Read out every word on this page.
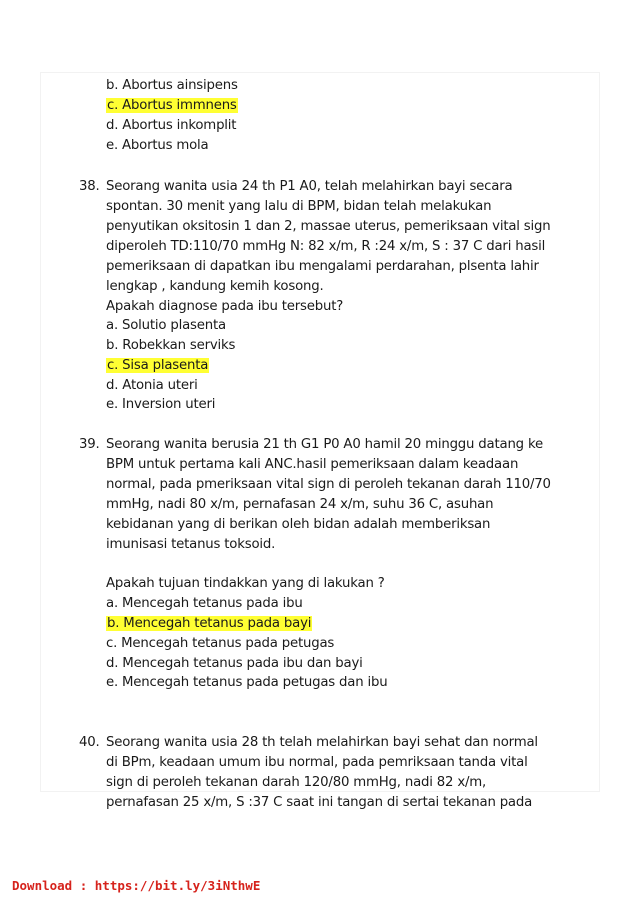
b. Abortus ainsipens
c. Abortus immnens
d. Abortus inkomplit
e. Abortus mola
38. Seorang wanita usia 24 th P1 A0, telah melahirkan bayi secara
spontan. 30 menit yang lalu di BPM, bidan telah melakukan
penyutikan oksitosin 1 dan 2, massae uterus, pemeriksaan vital sign
diperoleh TD:110/70 mmHg N: 82 x/m, R :24 x/m, S : 37 C dari hasil
pemeriksaan di dapatkan ibu mengalami perdarahan, plsenta lahir
lengkap , kandung kemih kosong.
Apakah diagnose pada ibu tersebut?
a. Solutio plasenta
b. Robekkan serviks
c. Sisa plasenta
d. Atonia uteri
e. Inversion uteri
39. Seorang wanita berusia 21 th G1 P0 A0 hamil 20 minggu datang ke
BPM untuk pertama kali ANC.hasil pemeriksaan dalam keadaan
normal, pada pmeriksaan vital sign di peroleh tekanan darah 110/70
mmHg, nadi 80 x/m, pernafasan 24 x/m, suhu 36 C, asuhan
kebidanan yang di berikan oleh bidan adalah memberiksan
imunisasi tetanus toksoid.
Apakah tujuan tindakkan yang di lakukan ?
a. Mencegah tetanus pada ibu
b. Mencegah tetanus pada bayi
c. Mencegah tetanus pada petugas
d. Mencegah tetanus pada ibu dan bayi
e. Mencegah tetanus pada petugas dan ibu
40. Seorang wanita usia 28 th telah melahirkan bayi sehat dan normal
di BPm, keadaan umum ibu normal, pada pemriksaan tanda vital
sign di peroleh tekanan darah 120/80 mmHg, nadi 82 x/m,
pernafasan 25 x/m, S :37 C saat ini tangan di sertai tekanan pada
Download : https://bit.ly/3iNthwE
